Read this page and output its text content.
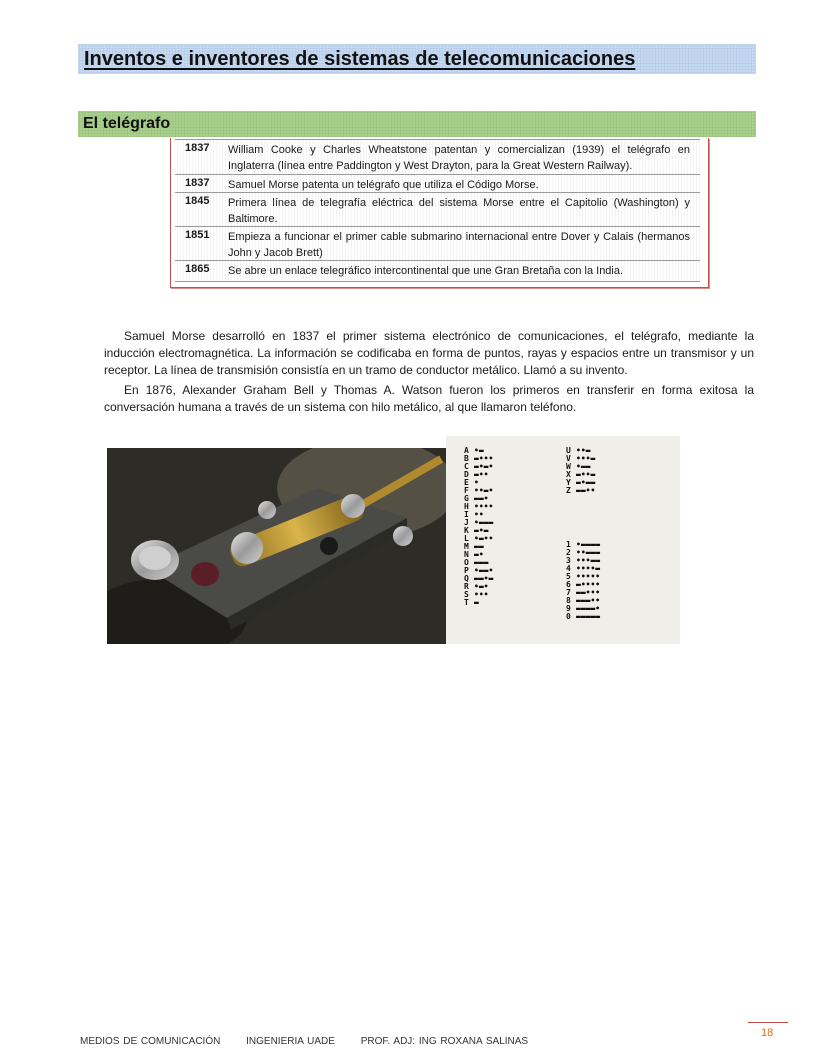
Inventos e inventores de sistemas de telecomunicaciones
El telégrafo
1837	William Cooke y Charles Wheatstone patentan y comercializan (1939) el telégrafo en Inglaterra (línea entre Paddington y West Drayton, para la Great Western Railway).
1837	Samuel Morse patenta un telégrafo que utiliza el Código Morse.
1845	Primera línea de telegrafía eléctrica del sistema Morse entre el Capitolio (Washington) y Baltimore.
1851	Empieza a funcionar el primer cable submarino internacional entre Dover y Calais (hermanos John y Jacob Brett)
1865	Se abre un enlace telegráfico intercontinental que une Gran Bretaña con la India.
Samuel Morse desarrolló en 1837 el primer sistema electrónico de comunicaciones, el telégrafo, mediante la inducción electromagnética. La información se codificaba en forma de puntos, rayas y espacios entre un transmisor y un receptor. La línea de transmisión consistía en un tramo de conductor metálico. Llamó a su invento.
En 1876, Alexander Graham Bell y Thomas A. Watson fueron los primeros en transferir en forma exitosa la conversación humana a través de un sistema con hilo metálico, al que llamaron teléfono.
A •▬
B ▬•••
C ▬•▬•
D ▬••
E •
F ••▬•
G ▬▬•
H ••••
I ••
J •▬▬▬
K ▬•▬
L •▬••
M ▬▬
N ▬•
O ▬▬▬
P •▬▬•
Q ▬▬•▬
R •▬•
S •••
T ▬
U ••▬
V •••▬
W •▬▬
X ▬••▬
Y ▬•▬▬
Z ▬▬••
1 •▬▬▬▬
2 ••▬▬▬
3 •••▬▬
4 ••••▬
5 •••••
6 ▬••••
7 ▬▬•••
8 ▬▬▬••
9 ▬▬▬▬•
0 ▬▬▬▬▬
18
MEDIOS DE COMUNICACIÓN	INGENIERIA UADE	PROF. ADJ: ING ROXANA SALINAS
